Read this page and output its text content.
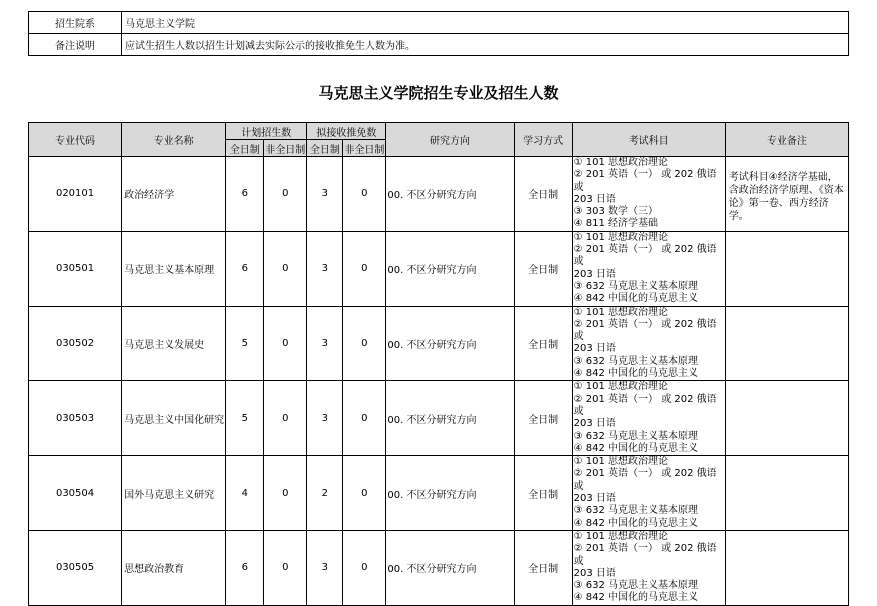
招生院系	马克思主义学院
备注说明	应试生招生人数以招生计划减去实际公示的接收推免生人数为准。
马克思主义学院招生专业及招生人数
专业代码	专业名称	计划招生数		拟接收推免数		研究方向	学习方式	考试科目	专业备注
		全日制	非全日制	全日制	非全日制				
020101	政治经济学	6	0	3	0	00. 不区分研究方向	全日制	① 101 思想政治理论
② 201 英语（一） 或 202 俄语 或
203 日语
③ 303 数学（三）
④ 811 经济学基础	考试科目④经济学基础，含政治经济学原理、《资本论》第一卷、西方经济学。
030501	马克思主义基本原理	6	0	3	0	00. 不区分研究方向	全日制	① 101 思想政治理论
② 201 英语（一） 或 202 俄语 或
203 日语
③ 632 马克思主义基本原理
④ 842 中国化的马克思主义	

030502	马克思主义发展史	5	0	3	0	00. 不区分研究方向	全日制	① 101 思想政治理论
② 201 英语（一） 或 202 俄语 或
203 日语
③ 632 马克思主义基本原理
④ 842 中国化的马克思主义	

030503	马克思主义中国化研究	5	0	3	0	00. 不区分研究方向	全日制	① 101 思想政治理论
② 201 英语（一） 或 202 俄语 或
203 日语
③ 632 马克思主义基本原理
④ 842 中国化的马克思主义	

030504	国外马克思主义研究	4	0	2	0	00. 不区分研究方向	全日制	① 101 思想政治理论
② 201 英语（一） 或 202 俄语 或
203 日语
③ 632 马克思主义基本原理
④ 842 中国化的马克思主义	

030505	思想政治教育	6	0	3	0	00. 不区分研究方向	全日制	① 101 思想政治理论
② 201 英语（一） 或 202 俄语 或
203 日语
③ 632 马克思主义基本原理
④ 842 中国化的马克思主义	
